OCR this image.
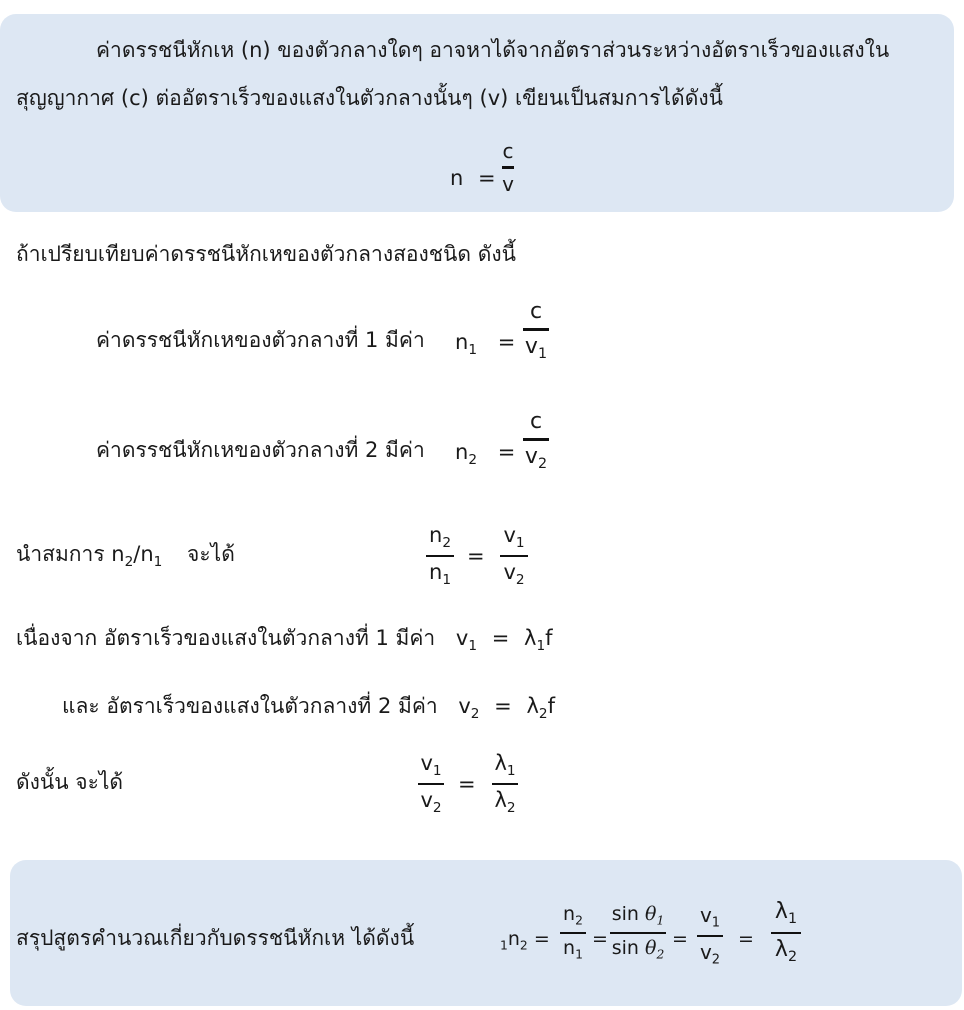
ค่าดรรชนีหักเห (n) ของตัวกลางใดๆ อาจหาได้จากอัตราส่วนระหว่างอัตราเร็วของแสงใน
สุญญากาศ (c) ต่ออัตราเร็วของแสงในตัวกลางนั้นๆ (v) เขียนเป็นสมการได้ดังนี้
n =
c
v
ถ้าเปรียบเทียบค่าดรรชนีหักเหของตัวกลางสองชนิด ดังนี้
ค่าดรรชนีหักเหของตัวกลางที่ 1 มีค่า $n_1$ =
c
$v_1$
ค่าดรรชนีหักเหของตัวกลางที่ 2 มีค่า $n_2$ =
c
$v_2$
นำสมการ $n_2/n_1$ จะได้
$n_2$
$n_1$
=
$v_1$
$v_2$
เนื่องจาก อัตราเร็วของแสงในตัวกลางที่ 1 มีค่า $v_1 = \lambda_1f$
และ อัตราเร็วของแสงในตัวกลางที่ 2 มีค่า $v_2 = \lambda_2f$
ดังนั้น จะได้
$v_1$
$v_2$
=
$\lambda_1$
$\lambda_2$
สรุปสูตรคำนวณเกี่ยวกับดรรชนีหักเห ได้ดังนี้	$_1n_2$ =
$n_2$
$n_1$
=
$\sin \theta_1$
$\sin \theta_2$
=
$v_1$
$v_2$
=
$\lambda_1$
$\lambda_2$
